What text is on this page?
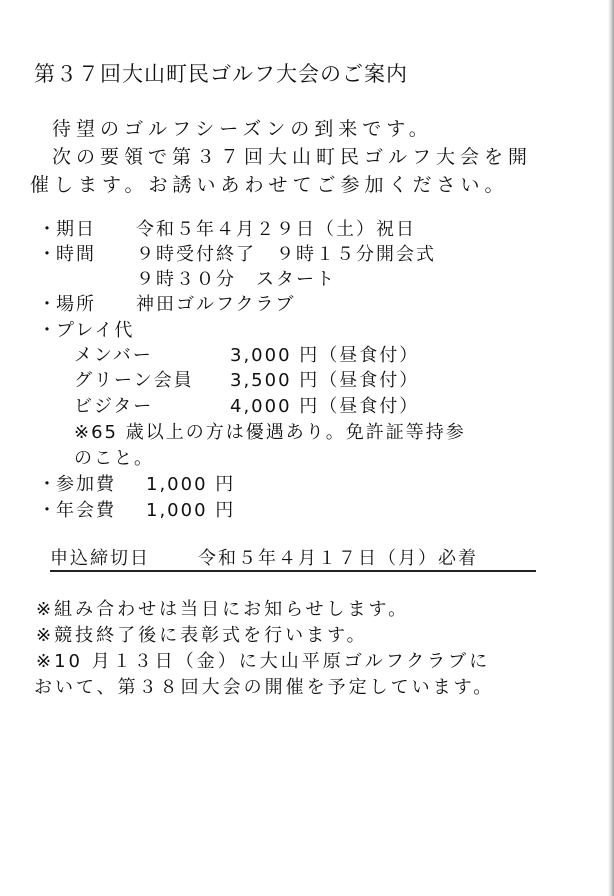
第３７回大山町民ゴルフ大会のご案内
待望のゴルフシーズンの到来です。
次の要領で第３７回大山町民ゴルフ大会を開
催します。お誘いあわせてご参加ください。
・
期日 令和５年４月２９日（土）祝日
・
時間 ９時受付終了　９時１５分開会式
９時３０分　スタート
・
場所 神田ゴルフクラブ
・
プレイ代
メンバー	3,000 円（昼食付）
グリーン会員 3,500 円（昼食付）
ビジター	4,000 円（昼食付）
※65 歳以上の方は優遇あり。免許証等持参
のこと。
・
参加費 1,000 円
・
年会費 1,000 円
申込締切日	令和５年４月１７日（月）必着
※組み合わせは当日にお知らせします。
※競技終了後に表彰式を行います。
※10 月１３日（金）に大山平原ゴルフクラブに
おいて、第３８回大会の開催を予定しています。
